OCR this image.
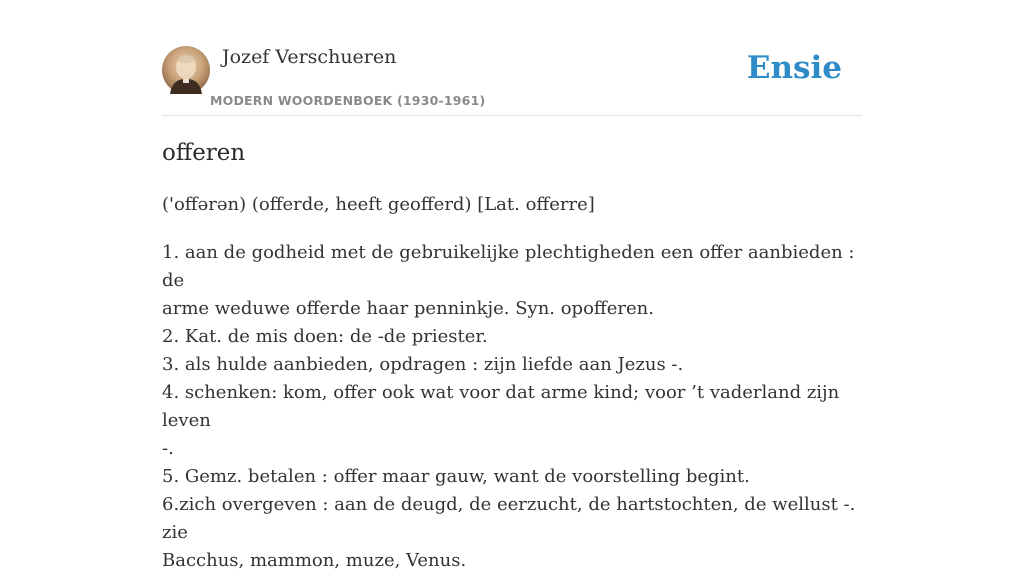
Jozef Verschueren
MODERN WOORDENBOEK (1930-1961)
Ensie
offeren
('offərən) (offerde, heeft geofferd) [Lat. offerre]
1. aan de godheid met de gebruikelijke plechtigheden een offer aanbieden : de
arme weduwe offerde haar penninkje. Syn. opofferen.
2. Kat. de mis doen: de -de priester.
3. als hulde aanbieden, opdragen : zijn liefde aan Jezus -.
4. schenken: kom, offer ook wat voor dat arme kind; voor ’t vaderland zijn leven
-.
5. Gemz. betalen : offer maar gauw, want de voorstelling begint.
6.zich overgeven : aan de deugd, de eerzucht, de hartstochten, de wellust -. zie
Bacchus, mammon, muze, Venus.
